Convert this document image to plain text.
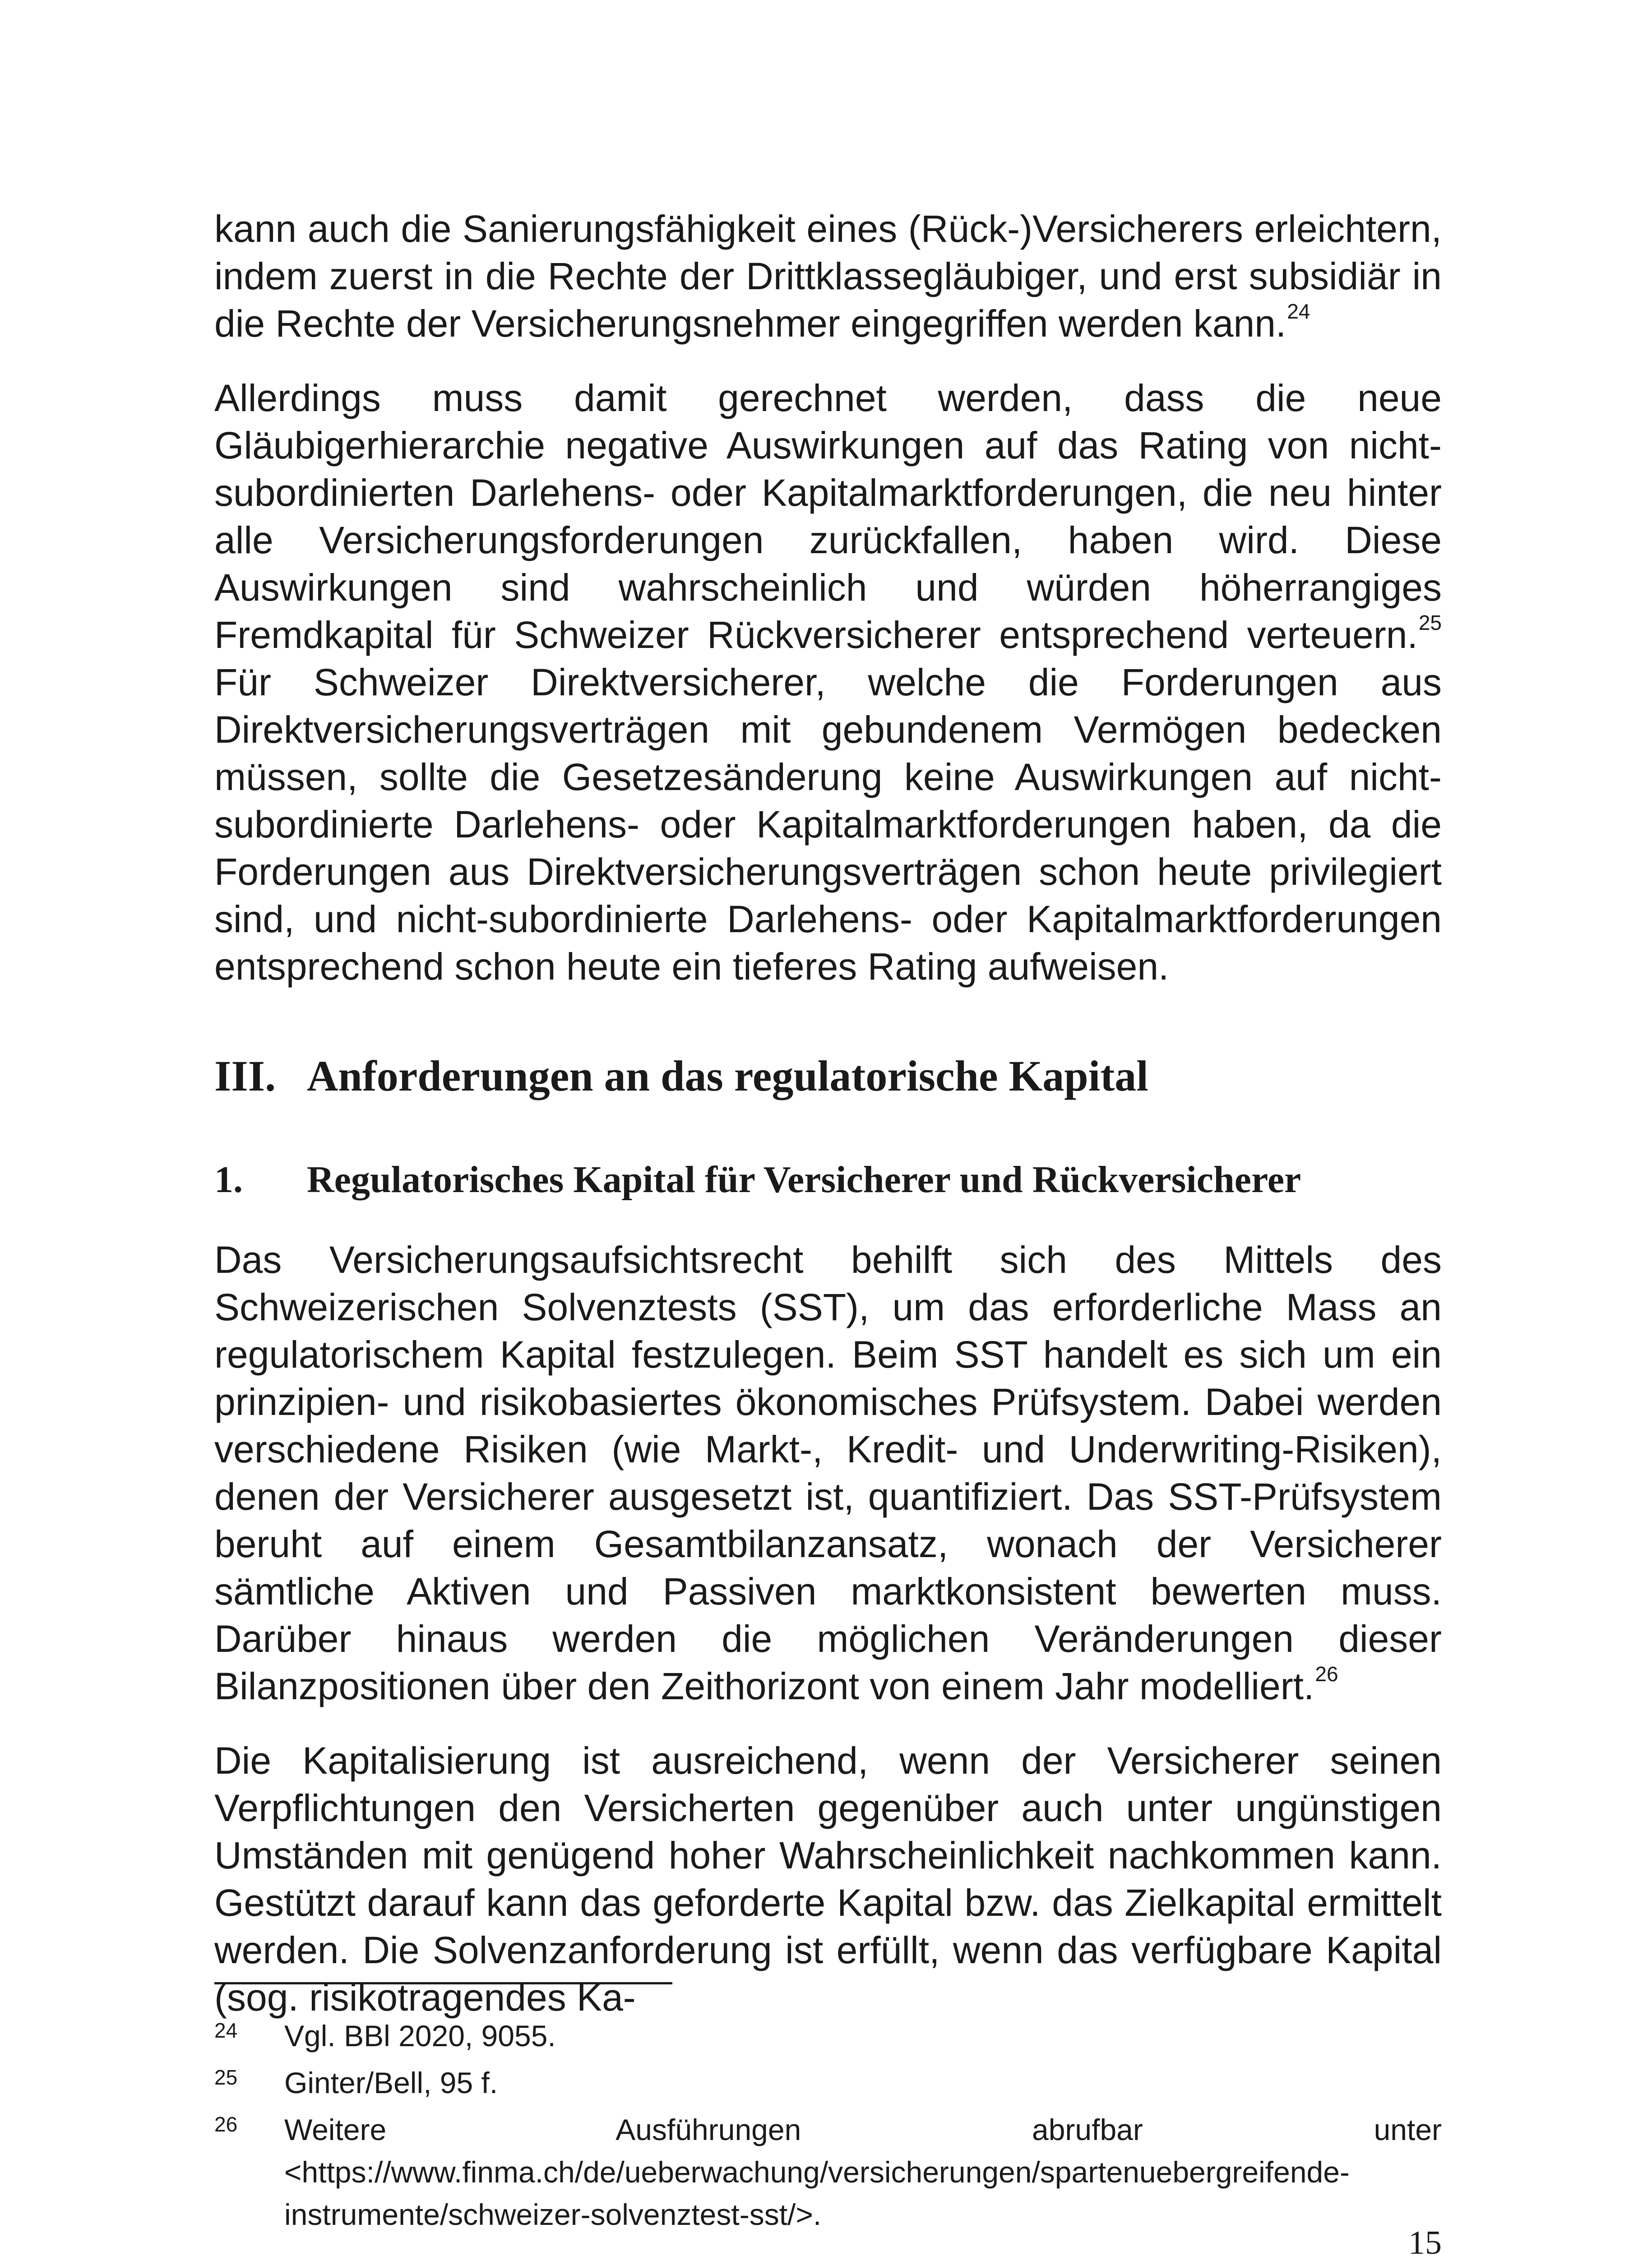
kann auch die Sanierungsfähigkeit eines (Rück-)Versicherers erleichtern, indem zuerst in die Rechte der Drittklassegläubiger, und erst subsidiär in die Rechte der Versicherungsnehmer eingegriffen werden kann.$^{24}$

Allerdings muss damit gerechnet werden, dass die neue Gläubigerhierarchie negative Auswirkungen auf das Rating von nicht-subordinierten Darlehens- oder Kapitalmarktforderungen, die neu hinter alle Versicherungsforderungen zurückfallen, haben wird. Diese Auswirkungen sind wahrscheinlich und würden höherrangiges Fremdkapital für Schweizer Rückversicherer entsprechend verteuern.$^{25}$ Für Schweizer Direktversicherer, welche die Forderungen aus Direktversicherungsverträgen mit gebundenem Vermögen bedecken müssen, sollte die Gesetzesänderung keine Auswirkungen auf nicht-subordinierte Darlehens- oder Kapitalmarktforderungen haben, da die Forderungen aus Direktversicherungsverträgen schon heute privilegiert sind, und nicht-subordinierte Darlehens- oder Kapitalmarktforderungen entsprechend schon heute ein tieferes Rating aufweisen.

III. Anforderungen an das regulatorische Kapital
1.	Regulatorisches Kapital für Versicherer und Rückversicherer

Das Versicherungsaufsichtsrecht behilft sich des Mittels des Schweizerischen Solvenztests (SST), um das erforderliche Mass an regulatorischem Kapital festzulegen. Beim SST handelt es sich um ein prinzipien- und risikobasiertes ökonomisches Prüfsystem. Dabei werden verschiedene Risiken (wie Markt-, Kredit- und Underwriting-Risiken), denen der Versicherer ausgesetzt ist, quantifiziert. Das SST-Prüfsystem beruht auf einem Gesamtbilanzansatz, wonach der Versicherer sämtliche Aktiven und Passiven marktkonsistent bewerten muss. Darüber hinaus werden die möglichen Veränderungen dieser Bilanzpositionen über den Zeithorizont von einem Jahr modelliert.$^{26}$

Die Kapitalisierung ist ausreichend, wenn der Versicherer seinen Verpflichtungen den Versicherten gegenüber auch unter ungünstigen Umständen mit genügend hoher Wahrscheinlichkeit nachkommen kann. Gestützt darauf kann das geforderte Kapital bzw. das Zielkapital ermittelt werden. Die Solvenzanforderung ist erfüllt, wenn das verfügbare Kapital (sog. risikotragendes Ka-

24	Vgl. BBl 2020, 9055.
25	Ginter/Bell, 95 f.
26	Weitere Ausführungen abrufbar unter <https://www.finma.ch/de/ueberwachung/versicherungen/spartenuebergreifende-instrumente/schweizer-solvenztest-sst/>.
15
